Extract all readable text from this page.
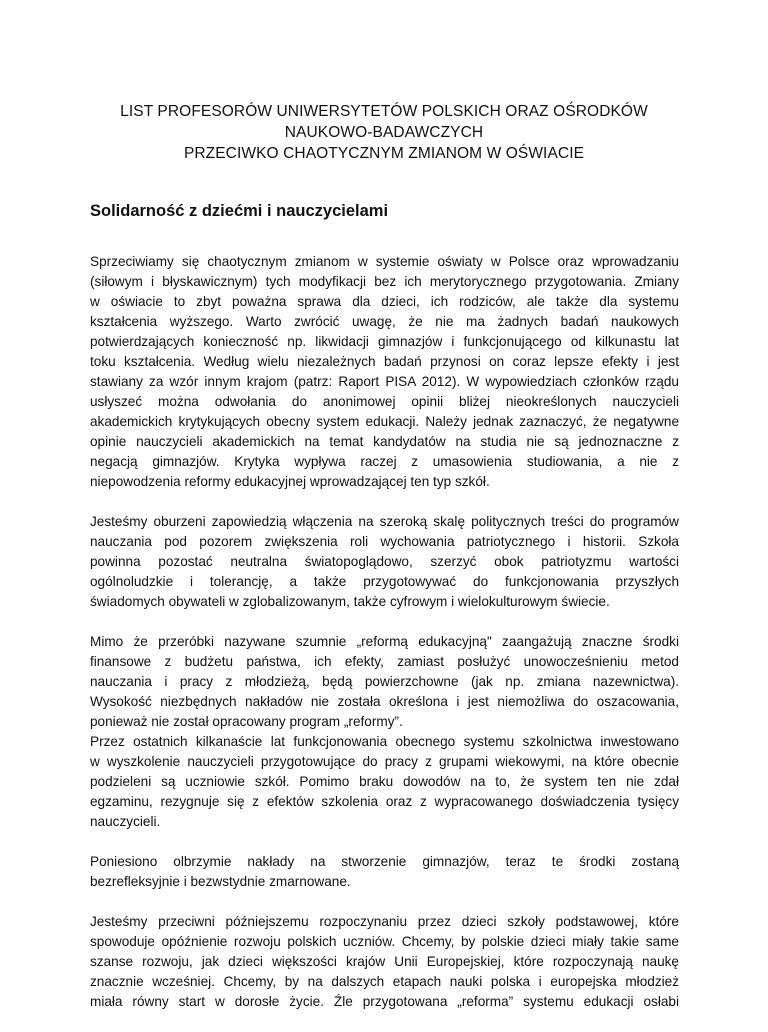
LIST PROFESORÓW UNIWERSYTETÓW POLSKICH ORAZ OŚRODKÓW
NAUKOWO-BADAWCZYCH
PRZECIWKO CHAOTYCZNYM ZMIANOM W OŚWIACIE
Solidarność z dziećmi i nauczycielami
Sprzeciwiamy się chaotycznym zmianom w systemie oświaty w Polsce oraz wprowadzaniu
(siłowym i błyskawicznym) tych modyfikacji bez ich merytorycznego przygotowania. Zmiany
w oświacie to zbyt poważna sprawa dla dzieci, ich rodziców, ale także dla systemu
kształcenia wyższego. Warto zwrócić uwagę, że nie ma żadnych badań naukowych
potwierdzających konieczność np. likwidacji gimnazjów i funkcjonującego od kilkunastu lat
toku kształcenia. Według wielu niezależnych badań przynosi on coraz lepsze efekty i jest
stawiany za wzór innym krajom (patrz: Raport PISA 2012). W wypowiedziach członków rządu
usłyszeć można odwołania do anonimowej opinii bliżej nieokreślonych nauczycieli
akademickich krytykujących obecny system edukacji. Należy jednak zaznaczyć, że negatywne
opinie nauczycieli akademickich na temat kandydatów na studia nie są jednoznaczne z
negacją gimnazjów. Krytyka wypływa raczej z umasowienia studiowania, a nie z
niepowodzenia reformy edukacyjnej wprowadzającej ten typ szkół.
Jesteśmy oburzeni zapowiedzią włączenia na szeroką skalę politycznych treści do programów
nauczania pod pozorem zwiększenia roli wychowania patriotycznego i historii. Szkoła
powinna pozostać neutralna światopoglądowo, szerzyć obok patriotyzmu wartości
ogólnoludzkie i tolerancję, a także przygotowywać do funkcjonowania przyszłych
świadomych obywateli w zglobalizowanym, także cyfrowym i wielokulturowym świecie.
Mimo że przeróbki nazywane szumnie „reformą edukacyjną" zaangażują znaczne środki
finansowe z budżetu państwa, ich efekty, zamiast posłużyć unowocześnieniu metod
nauczania i pracy z młodzieżą, będą powierzchowne (jak np. zmiana nazewnictwa).
Wysokość niezbędnych nakładów nie została określona i jest niemożliwa do oszacowania,
ponieważ nie został opracowany program „reformy”.
Przez ostatnich kilkanaście lat funkcjonowania obecnego systemu szkolnictwa inwestowano
w wyszkolenie nauczycieli przygotowujące do pracy z grupami wiekowymi, na które obecnie
podzieleni są uczniowie szkół. Pomimo braku dowodów na to, że system ten nie zdał
egzaminu, rezygnuje się z efektów szkolenia oraz z wypracowanego doświadczenia tysięcy
nauczycieli.
Poniesiono olbrzymie nakłady na stworzenie gimnazjów, teraz te środki zostaną
bezrefleksyjnie i bezwstydnie zmarnowane.
Jesteśmy przeciwni późniejszemu rozpoczynaniu przez dzieci szkoły podstawowej, które
spowoduje opóźnienie rozwoju polskich uczniów. Chcemy, by polskie dzieci miały takie same
szanse rozwoju, jak dzieci większości krajów Unii Europejskiej, które rozpoczynają naukę
znacznie wcześniej. Chcemy, by na dalszych etapach nauki polska i europejska młodzież
miała równy start w dorosłe życie. Źle przygotowana „reforma” systemu edukacji osłabi
